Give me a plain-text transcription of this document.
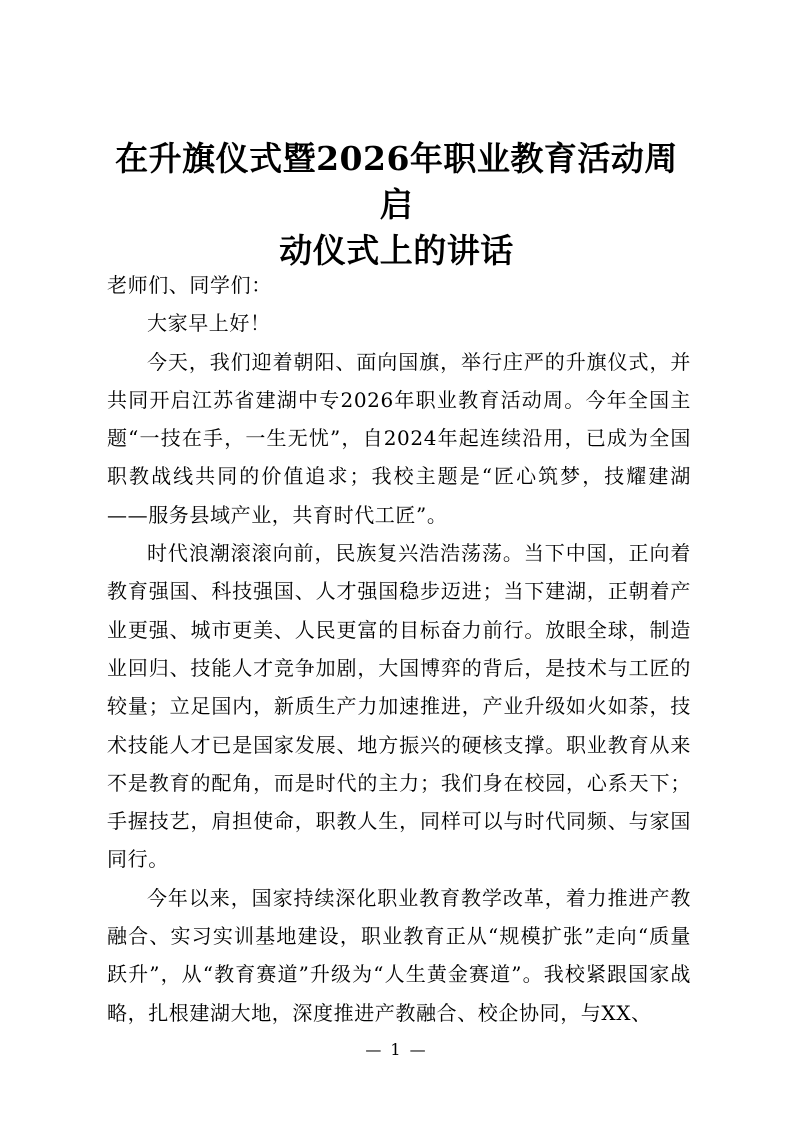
在升旗仪式暨2026年职业教育活动周启
动仪式上的讲话

老师们、同学们：

大家早上好！

今天，我们迎着朝阳、面向国旗，举行庄严的升旗仪式，并共同开启江苏省建湖中专2026年职业教育活动周。今年全国主题“一技在手，一生无忧”，自2024年起连续沿用，已成为全国职教战线共同的价值追求；我校主题是“匠心筑梦，技耀建湖——服务县域产业，共育时代工匠”。

时代浪潮滚滚向前，民族复兴浩浩荡荡。当下中国，正向着教育强国、科技强国、人才强国稳步迈进；当下建湖，正朝着产业更强、城市更美、人民更富的目标奋力前行。放眼全球，制造业回归、技能人才竞争加剧，大国博弈的背后，是技术与工匠的较量；立足国内，新质生产力加速推进，产业升级如火如荼，技术技能人才已是国家发展、地方振兴的硬核支撑。职业教育从来不是教育的配角，而是时代的主力；我们身在校园，心系天下；手握技艺，肩担使命，职教人生，同样可以与时代同频、与家国同行。

今年以来，国家持续深化职业教育教学改革，着力推进产教融合、实习实训基地建设，职业教育正从“规模扩张”走向“质量跃升”，从“教育赛道”升级为“人生黄金赛道”。我校紧跟国家战略，扎根建湖大地，深度推进产教融合、校企协同，与XX、

— 1 —
